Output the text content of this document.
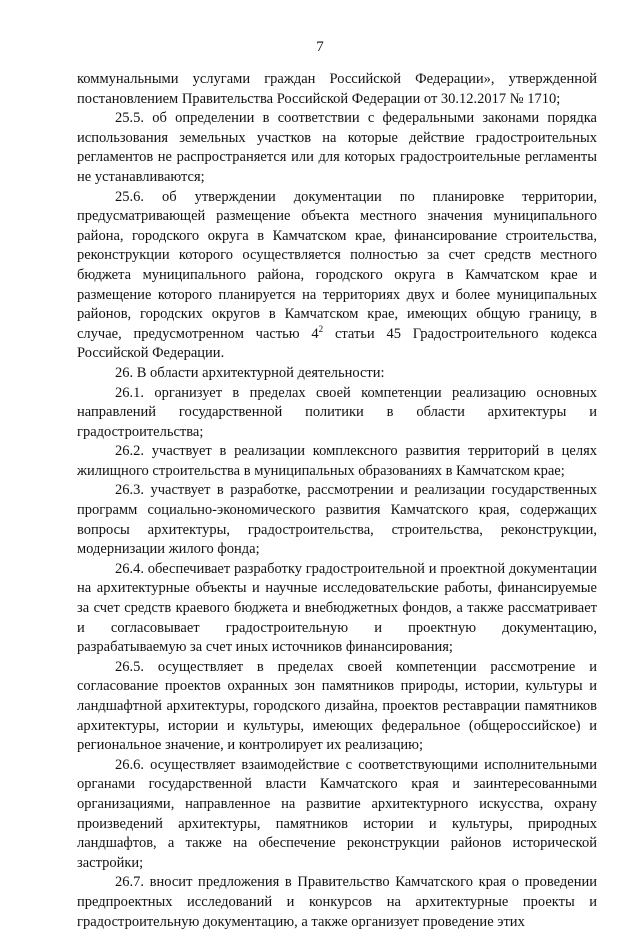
7

коммунальными услугами граждан Российской Федерации», утвержденной постановлением Правительства Российской Федерации от 30.12.2017 № 1710;

25.5. об определении в соответствии с федеральными законами порядка использования земельных участков на которые действие градостроительных регламентов не распространяется или для которых градостроительные регламенты не устанавливаются;

25.6. об утверждении документации по планировке территории, предусматривающей размещение объекта местного значения муниципального района, городского округа в Камчатском крае, финансирование строительства, реконструкции которого осуществляется полностью за счет средств местного бюджета муниципального района, городского округа в Камчатском крае и размещение которого планируется на территориях двух и более муниципальных районов, городских округов в Камчатском крае, имеющих общую границу, в случае, предусмотренном частью $4^2$ статьи 45 Градостроительного кодекса Российской Федерации.

26. В области архитектурной деятельности:

26.1. организует в пределах своей компетенции реализацию основных направлений государственной политики в области архитектуры и градостроительства;

26.2. участвует в реализации комплексного развития территорий в целях жилищного строительства в муниципальных образованиях в Камчатском крае;

26.3. участвует в разработке, рассмотрении и реализации государственных программ социально-экономического развития Камчатского края, содержащих вопросы архитектуры, градостроительства, строительства, реконструкции, модернизации жилого фонда;

26.4. обеспечивает разработку градостроительной и проектной документации на архитектурные объекты и научные исследовательские работы, финансируемые за счет средств краевого бюджета и внебюджетных фондов, а также рассматривает и согласовывает градостроительную и проектную документацию, разрабатываемую за счет иных источников финансирования;

26.5. осуществляет в пределах своей компетенции рассмотрение и согласование проектов охранных зон памятников природы, истории, культуры и ландшафтной архитектуры, городского дизайна, проектов реставрации памятников архитектуры, истории и культуры, имеющих федеральное (общероссийское) и региональное значение, и контролирует их реализацию;

26.6. осуществляет взаимодействие с соответствующими исполнительными органами государственной власти Камчатского края и заинтересованными организациями, направленное на развитие архитектурного искусства, охрану произведений архитектуры, памятников истории и культуры, природных ландшафтов, а также на обеспечение реконструкции районов исторической застройки;

26.7. вносит предложения в Правительство Камчатского края о проведении предпроектных исследований и конкурсов на архитектурные проекты и градостроительную документацию, а также организует проведение этих
